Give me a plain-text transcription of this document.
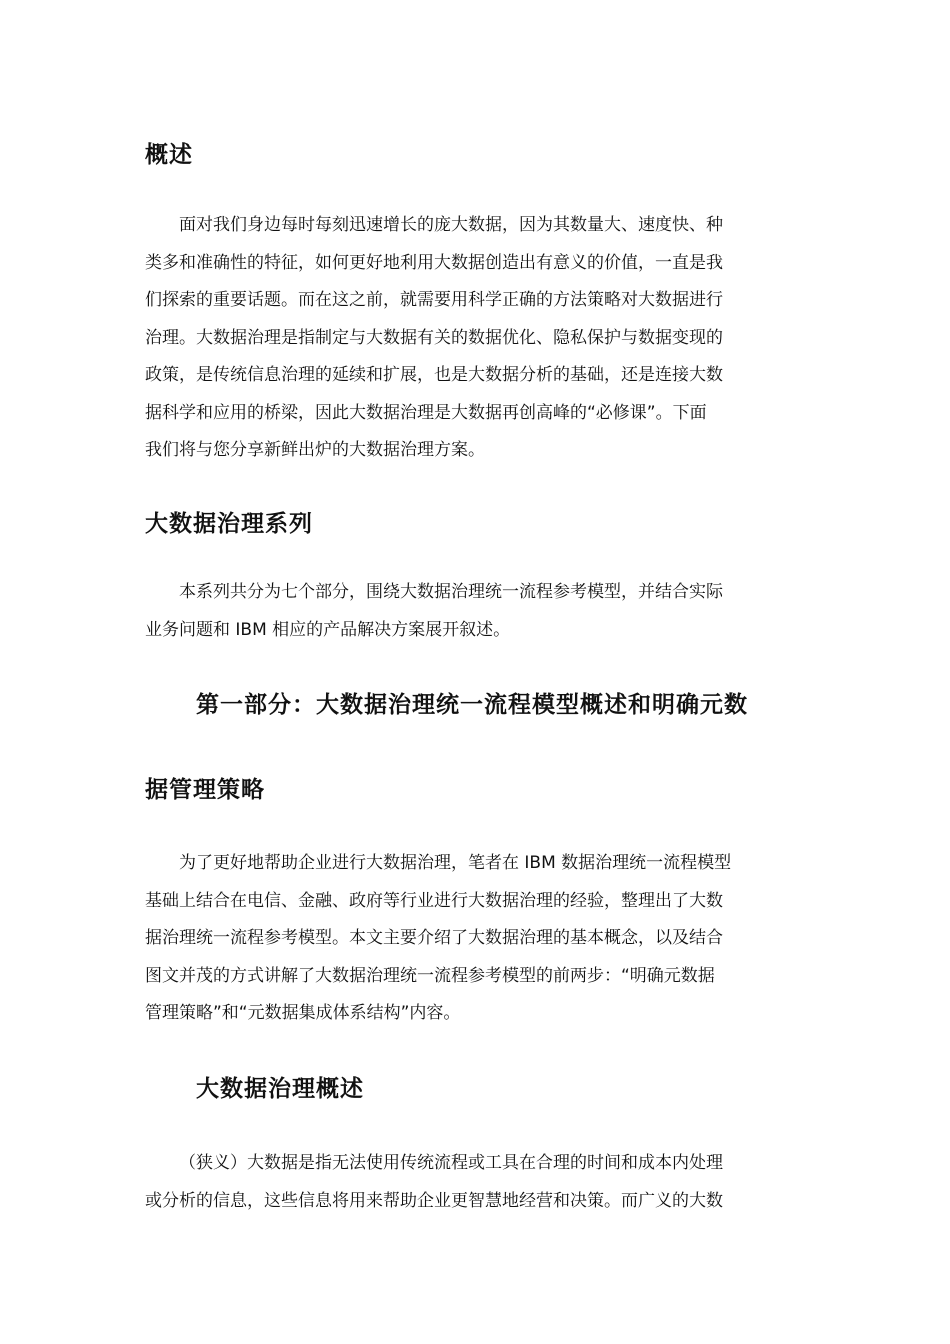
概述
面对我们身边每时每刻迅速增长的庞大数据，因为其数量大、速度快、种
类多和准确性的特征，如何更好地利用大数据创造出有意义的价值，一直是我
们探索的重要话题。而在这之前，就需要用科学正确的方法策略对大数据进行
治理。大数据治理是指制定与大数据有关的数据优化、隐私保护与数据变现的
政策，是传统信息治理的延续和扩展，也是大数据分析的基础，还是连接大数
据科学和应用的桥梁，因此大数据治理是大数据再创高峰的“必修课”。下面
我们将与您分享新鲜出炉的大数据治理方案。
大数据治理系列
本系列共分为七个部分，围绕大数据治理统一流程参考模型，并结合实际
业务问题和 IBM 相应的产品解决方案展开叙述。
第一部分：大数据治理统一流程模型概述和明确元数
据管理策略
为了更好地帮助企业进行大数据治理，笔者在 IBM 数据治理统一流程模型
基础上结合在电信、金融、政府等行业进行大数据治理的经验，整理出了大数
据治理统一流程参考模型。本文主要介绍了大数据治理的基本概念，以及结合
图文并茂的方式讲解了大数据治理统一流程参考模型的前两步：“明确元数据
管理策略”和“元数据集成体系结构”内容。
大数据治理概述
（狭义）大数据是指无法使用传统流程或工具在合理的时间和成本内处理
或分析的信息，这些信息将用来帮助企业更智慧地经营和决策。而广义的大数
